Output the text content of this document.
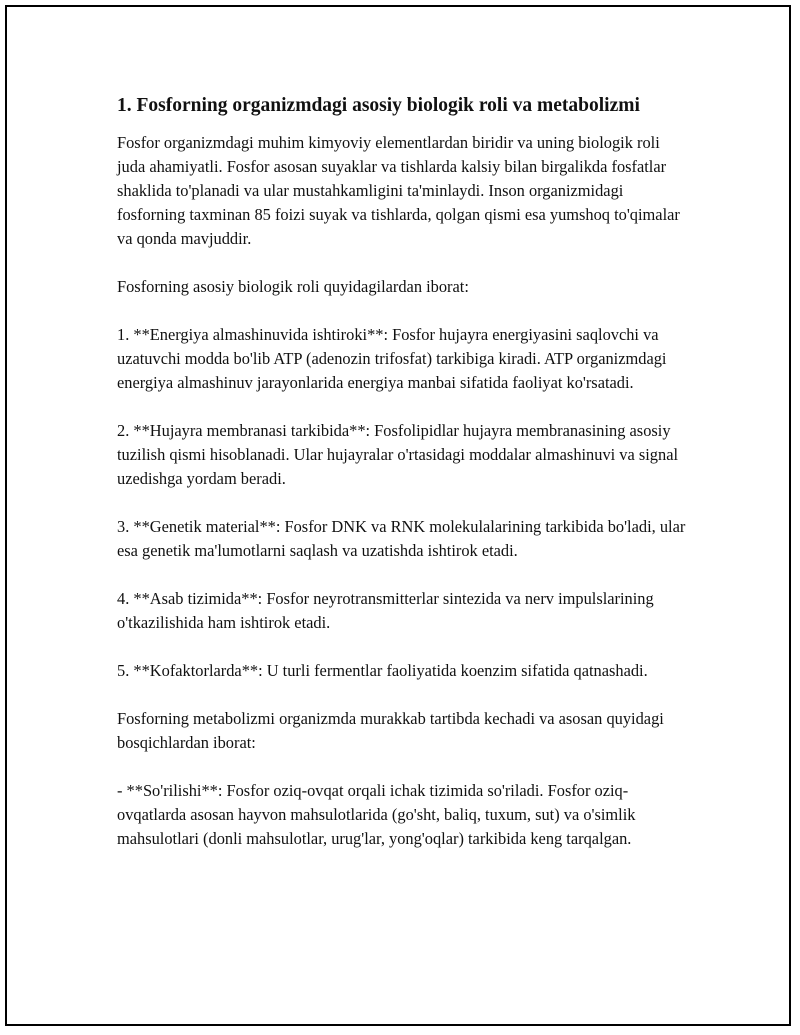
1. Fosforning organizmdagi asosiy biologik roli va metabolizmi

Fosfor organizmdagi muhim kimyoviy elementlardan biridir va uning biologik roli juda ahamiyatli. Fosfor asosan suyaklar va tishlarda kalsiy bilan birgalikda fosfatlar shaklida to'planadi va ular mustahkamligini ta'minlaydi. Inson organizmidagi fosforning taxminan 85 foizi suyak va tishlarda, qolgan qismi esa yumshoq to'qimalar va qonda mavjuddir.

Fosforning asosiy biologik roli quyidagilardan iborat:

1. **Energiya almashinuvida ishtiroki**: Fosfor hujayra energiyasini saqlovchi va uzatuvchi modda bo'lib ATP (adenozin trifosfat) tarkibiga kiradi. ATP organizmdagi energiya almashinuv jarayonlarida energiya manbai sifatida faoliyat ko'rsatadi.

2. **Hujayra membranasi tarkibida**: Fosfolipidlar hujayra membranasining asosiy tuzilish qismi hisoblanadi. Ular hujayralar o'rtasidagi moddalar almashinuvi va signal uzedishga yordam beradi.

3. **Genetik material**: Fosfor DNK va RNK molekulalarining tarkibida bo'ladi, ular esa genetik ma'lumotlarni saqlash va uzatishda ishtirok etadi.

4. **Asab tizimida**: Fosfor neyrotransmitterlar sintezida va nerv impulslarining o'tkazilishida ham ishtirok etadi.

5. **Kofaktorlarda**: U turli fermentlar faoliyatida koenzim sifatida qatnashadi.

Fosforning metabolizmi organizmda murakkab tartibda kechadi va asosan quyidagi bosqichlardan iborat:

- **So'rilishi**: Fosfor oziq-ovqat orqali ichak tizimida so'riladi. Fosfor oziq-ovqatlarda asosan hayvon mahsulotlarida (go'sht, baliq, tuxum, sut) va o'simlik mahsulotlari (donli mahsulotlar, urug'lar, yong'oqlar) tarkibida keng tarqalgan.
